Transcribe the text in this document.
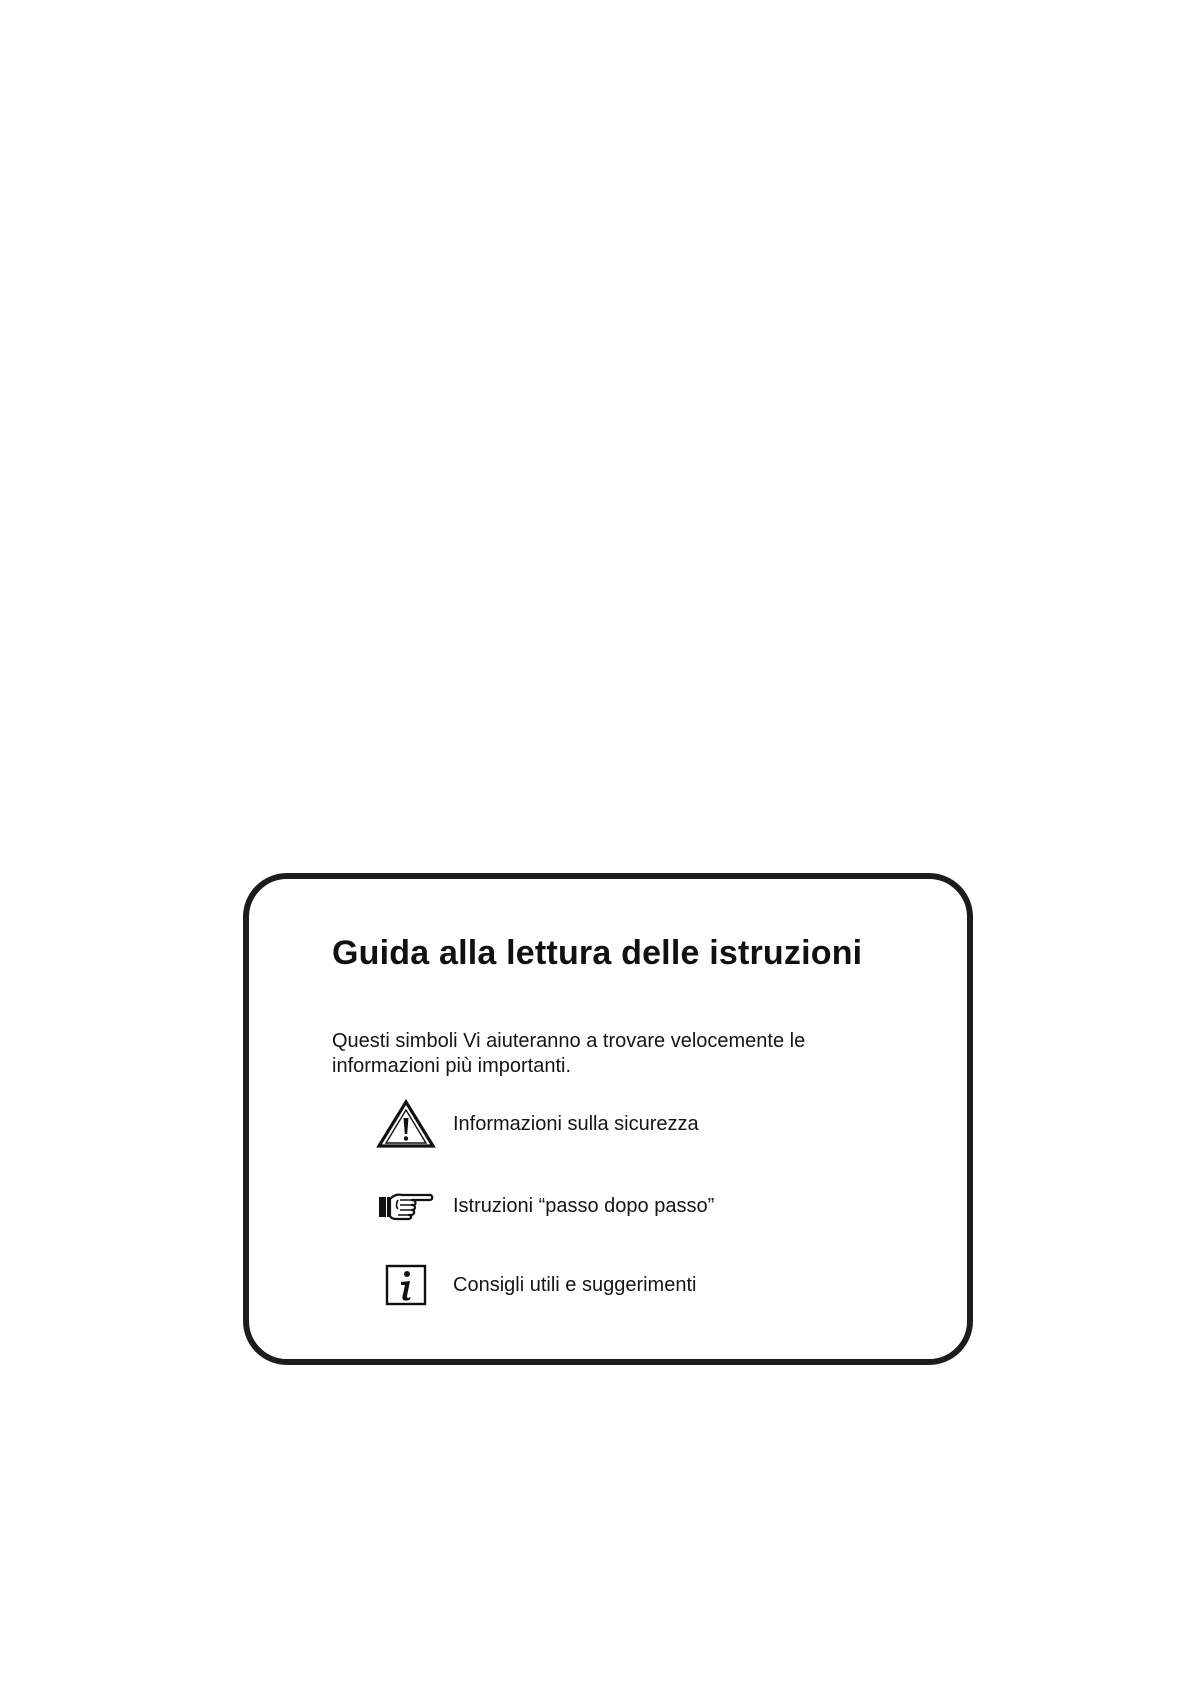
Guida alla lettura delle istruzioni

Questi simboli Vi aiuteranno a trovare velocemente le informazioni più importanti.

Informazioni sulla sicurezza
Istruzioni “passo dopo passo”
Consigli utili e suggerimenti
